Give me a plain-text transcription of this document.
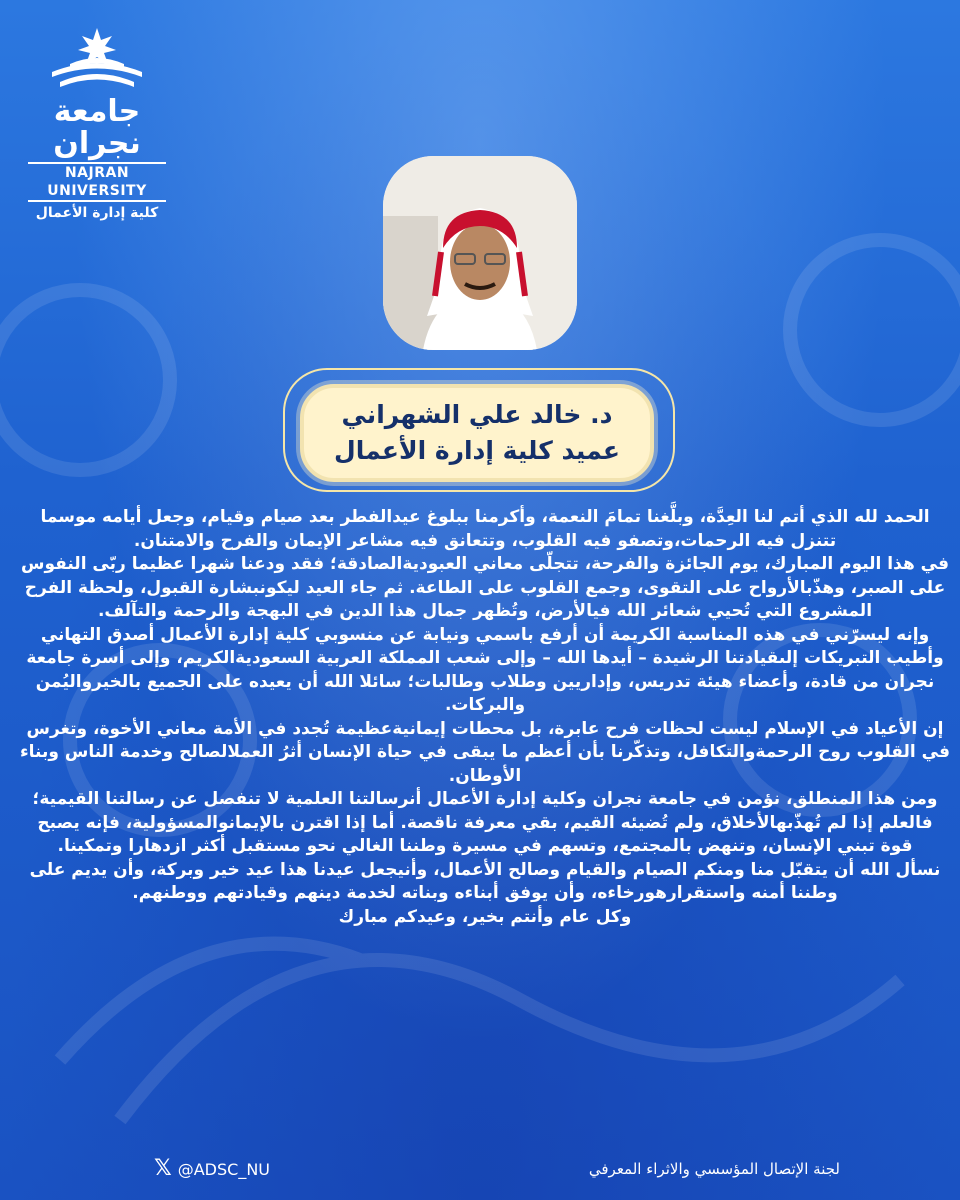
جامعة نجران
NAJRAN UNIVERSITY
كلية إدارة الأعمال
د. خالد علي الشهراني
عميد كلية إدارة الأعمال

الحمد لله الذي أتم لنا العِدَّة، وبلَّغنا تمامَ النعمة، وأكرمنا ببلوغ عيدالفطر بعد صيام وقيام، وجعل أيامه موسما تتنزل فيه الرحمات،وتصفو فيه القلوب، وتتعانق فيه مشاعر الإيمان والفرح والامتنان.

في هذا اليوم المبارك، يوم الجائزة والفرحة، تتجلّى معاني العبوديةالصادقة؛ فقد ودعنا شهرا عظيما ربّى النفوس على الصبر، وهذّبالأرواح على التقوى، وجمع القلوب على الطاعة. ثم جاء العيد ليكونبشارة القبول، ولحظة الفرح المشروع التي تُحيي شعائر الله فيالأرض، وتُظهر جمال هذا الدين في البهجة والرحمة والتآلف.

وإنه ليسرّني في هذه المناسبة الكريمة أن أرفع باسمي ونيابة عن منسوبي كلية إدارة الأعمال أصدق التهاني وأطيب التبريكات إلىقيادتنا الرشيدة – أيدها الله – وإلى شعب المملكة العربية السعوديةالكريم، وإلى أسرة جامعة نجران من قادة، وأعضاء هيئة تدريس، وإداريين وطلاب وطالبات؛ سائلا الله أن يعيده على الجميع بالخيرواليُمن والبركات.

إن الأعياد في الإسلام ليست لحظات فرح عابرة، بل محطات إيمانيةعظيمة تُجدد في الأمة معاني الأخوة، وتغرس في القلوب روح الرحمةوالتكافل، وتذكّرنا بأن أعظم ما يبقى في حياة الإنسان أثرُ العملالصالح وخدمة الناس وبناء الأوطان.

ومن هذا المنطلق، نؤمن في جامعة نجران وكلية إدارة الأعمال أنرسالتنا العلمية لا تنفصل عن رسالتنا القيمية؛ فالعلم إذا لم تُهذّبهالأخلاق، ولم تُضيئه القيم، بقي معرفة ناقصة. أما إذا اقترن بالإيمانوالمسؤولية، فإنه يصبح قوة تبني الإنسان، وتنهض بالمجتمع، وتسهم في مسيرة وطننا الغالي نحو مستقبل أكثر ازدهارا وتمكينا.

نسأل الله أن يتقبّل منا ومنكم الصيام والقيام وصالح الأعمال، وأنيجعل عيدنا هذا عيد خير وبركة، وأن يديم على وطننا أمنه واستقرارهورخاءه، وأن يوفق أبناءه وبناته لخدمة دينهم وقيادتهم ووطنهم.

وكل عام وأنتم بخير، وعيدكم مبارك

𝕏 @ADSC_NU	لجنة الإتصال المؤسسي والاثراء المعرفي
